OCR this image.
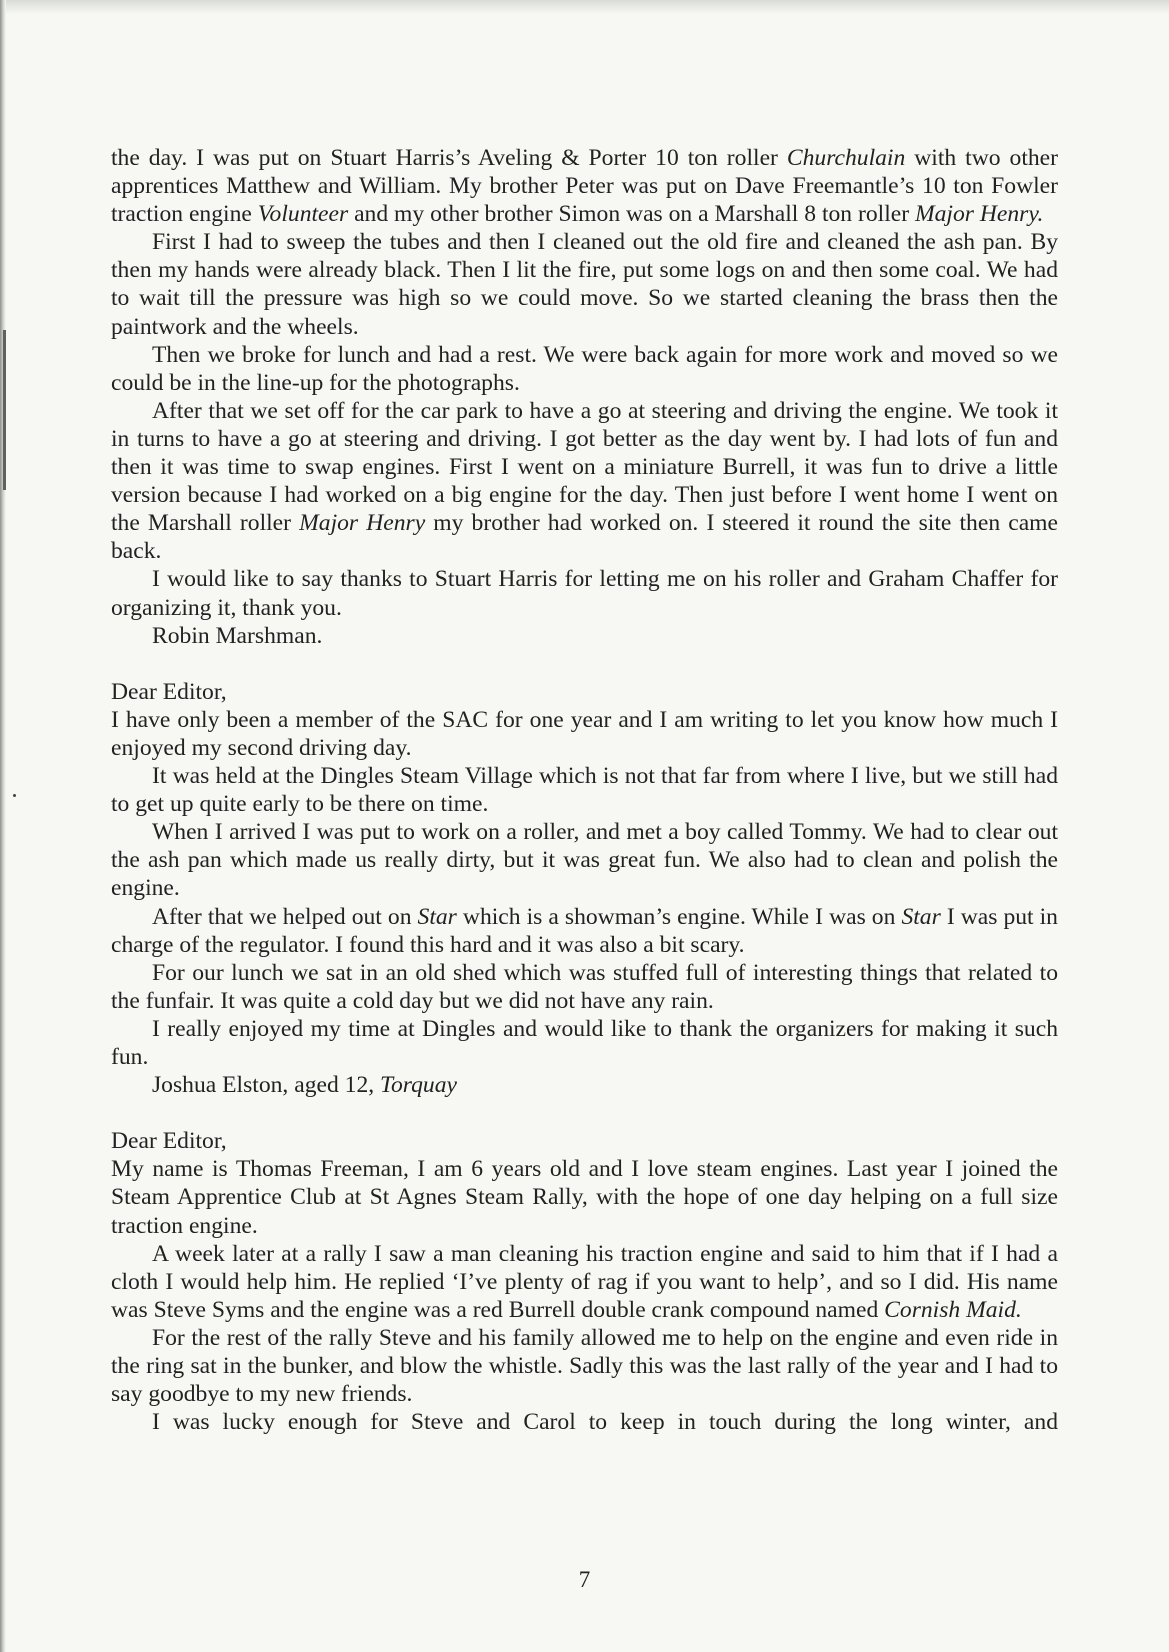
the day. I was put on Stuart Harris’s Aveling & Porter 10 ton roller Churchulain with two other apprentices Matthew and William. My brother Peter was put on Dave Freemantle’s 10 ton Fowler traction engine Volunteer and my other brother Simon was on a Marshall 8 ton roller Major Henry.

First I had to sweep the tubes and then I cleaned out the old fire and cleaned the ash pan. By then my hands were already black. Then I lit the fire, put some logs on and then some coal. We had to wait till the pressure was high so we could move. So we started cleaning the brass then the paintwork and the wheels.

Then we broke for lunch and had a rest. We were back again for more work and moved so we could be in the line-up for the photographs.

After that we set off for the car park to have a go at steering and driving the engine. We took it in turns to have a go at steering and driving. I got better as the day went by. I had lots of fun and then it was time to swap engines. First I went on a miniature Burrell, it was fun to drive a little version because I had worked on a big engine for the day. Then just before I went home I went on the Marshall roller Major Henry my brother had worked on. I steered it round the site then came back.

I would like to say thanks to Stuart Harris for letting me on his roller and Graham Chaffer for organizing it, thank you.

Robin Marshman.

Dear Editor,

I have only been a member of the SAC for one year and I am writing to let you know how much I enjoyed my second driving day.

It was held at the Dingles Steam Village which is not that far from where I live, but we still had to get up quite early to be there on time.

When I arrived I was put to work on a roller, and met a boy called Tommy. We had to clear out the ash pan which made us really dirty, but it was great fun. We also had to clean and polish the engine.

After that we helped out on Star which is a showman’s engine. While I was on Star I was put in charge of the regulator. I found this hard and it was also a bit scary.

For our lunch we sat in an old shed which was stuffed full of interesting things that related to the funfair. It was quite a cold day but we did not have any rain.

I really enjoyed my time at Dingles and would like to thank the organizers for making it such fun.

Joshua Elston, aged 12, Torquay

Dear Editor,

My name is Thomas Freeman, I am 6 years old and I love steam engines. Last year I joined the Steam Apprentice Club at St Agnes Steam Rally, with the hope of one day helping on a full size traction engine.

A week later at a rally I saw a man cleaning his traction engine and said to him that if I had a cloth I would help him. He replied ‘I’ve plenty of rag if you want to help’, and so I did. His name was Steve Syms and the engine was a red Burrell double crank compound named Cornish Maid.

For the rest of the rally Steve and his family allowed me to help on the engine and even ride in the ring sat in the bunker, and blow the whistle. Sadly this was the last rally of the year and I had to say goodbye to my new friends.

I was lucky enough for Steve and Carol to keep in touch during the long winter, and

7
